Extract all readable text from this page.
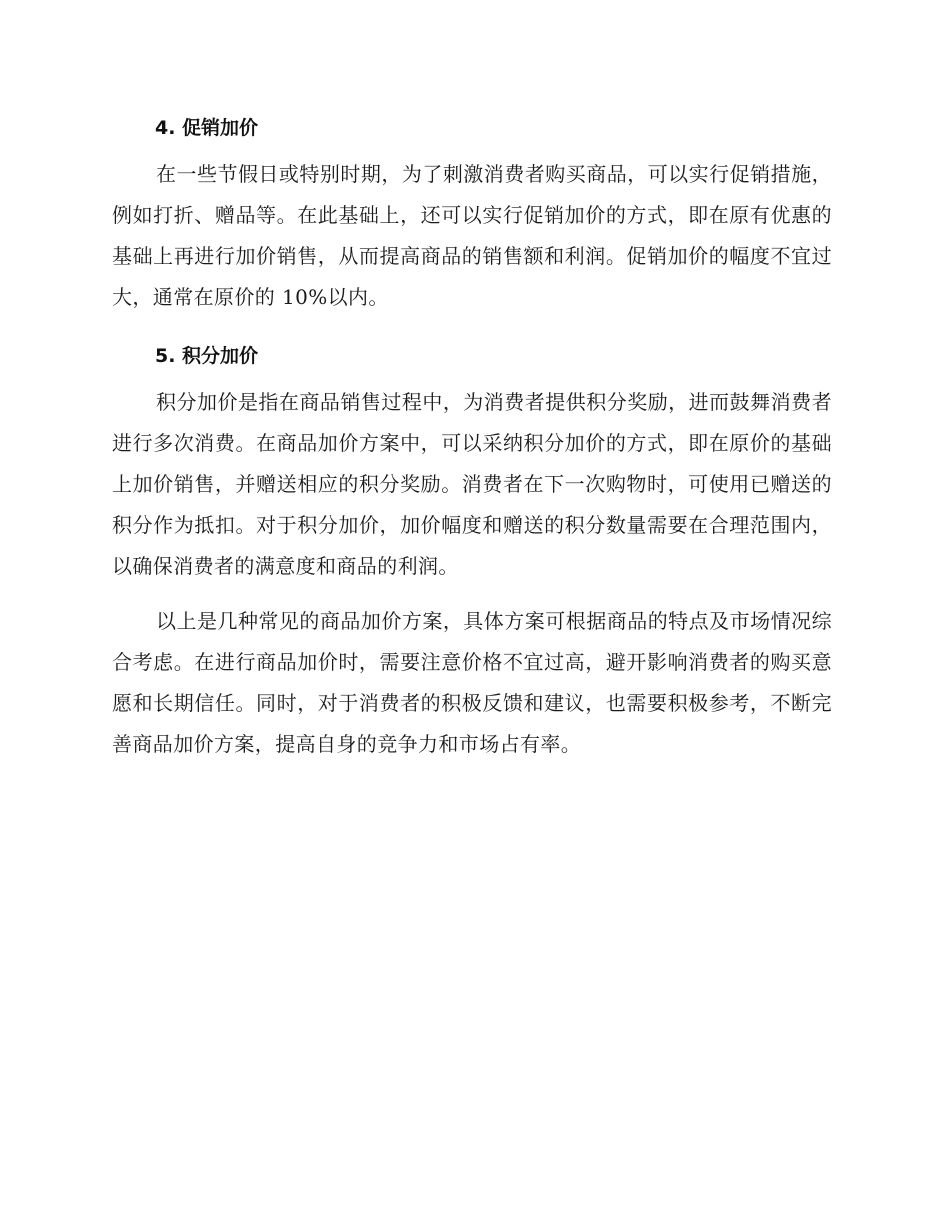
4. 促销加价

在一些节假日或特别时期，为了刺激消费者购买商品，可以实行促销措施，例如打折、赠品等。在此基础上，还可以实行促销加价的方式，即在原有优惠的基础上再进行加价销售，从而提高商品的销售额和利润。促销加价的幅度不宜过大，通常在原价的 10%以内。

5. 积分加价

积分加价是指在商品销售过程中，为消费者提供积分奖励，进而鼓舞消费者进行多次消费。在商品加价方案中，可以采纳积分加价的方式，即在原价的基础上加价销售，并赠送相应的积分奖励。消费者在下一次购物时，可使用已赠送的积分作为抵扣。对于积分加价，加价幅度和赠送的积分数量需要在合理范围内，以确保消费者的满意度和商品的利润。

以上是几种常见的商品加价方案，具体方案可根据商品的特点及市场情况综合考虑。在进行商品加价时，需要注意价格不宜过高，避开影响消费者的购买意愿和长期信任。同时，对于消费者的积极反馈和建议，也需要积极参考，不断完善商品加价方案，提高自身的竞争力和市场占有率。
